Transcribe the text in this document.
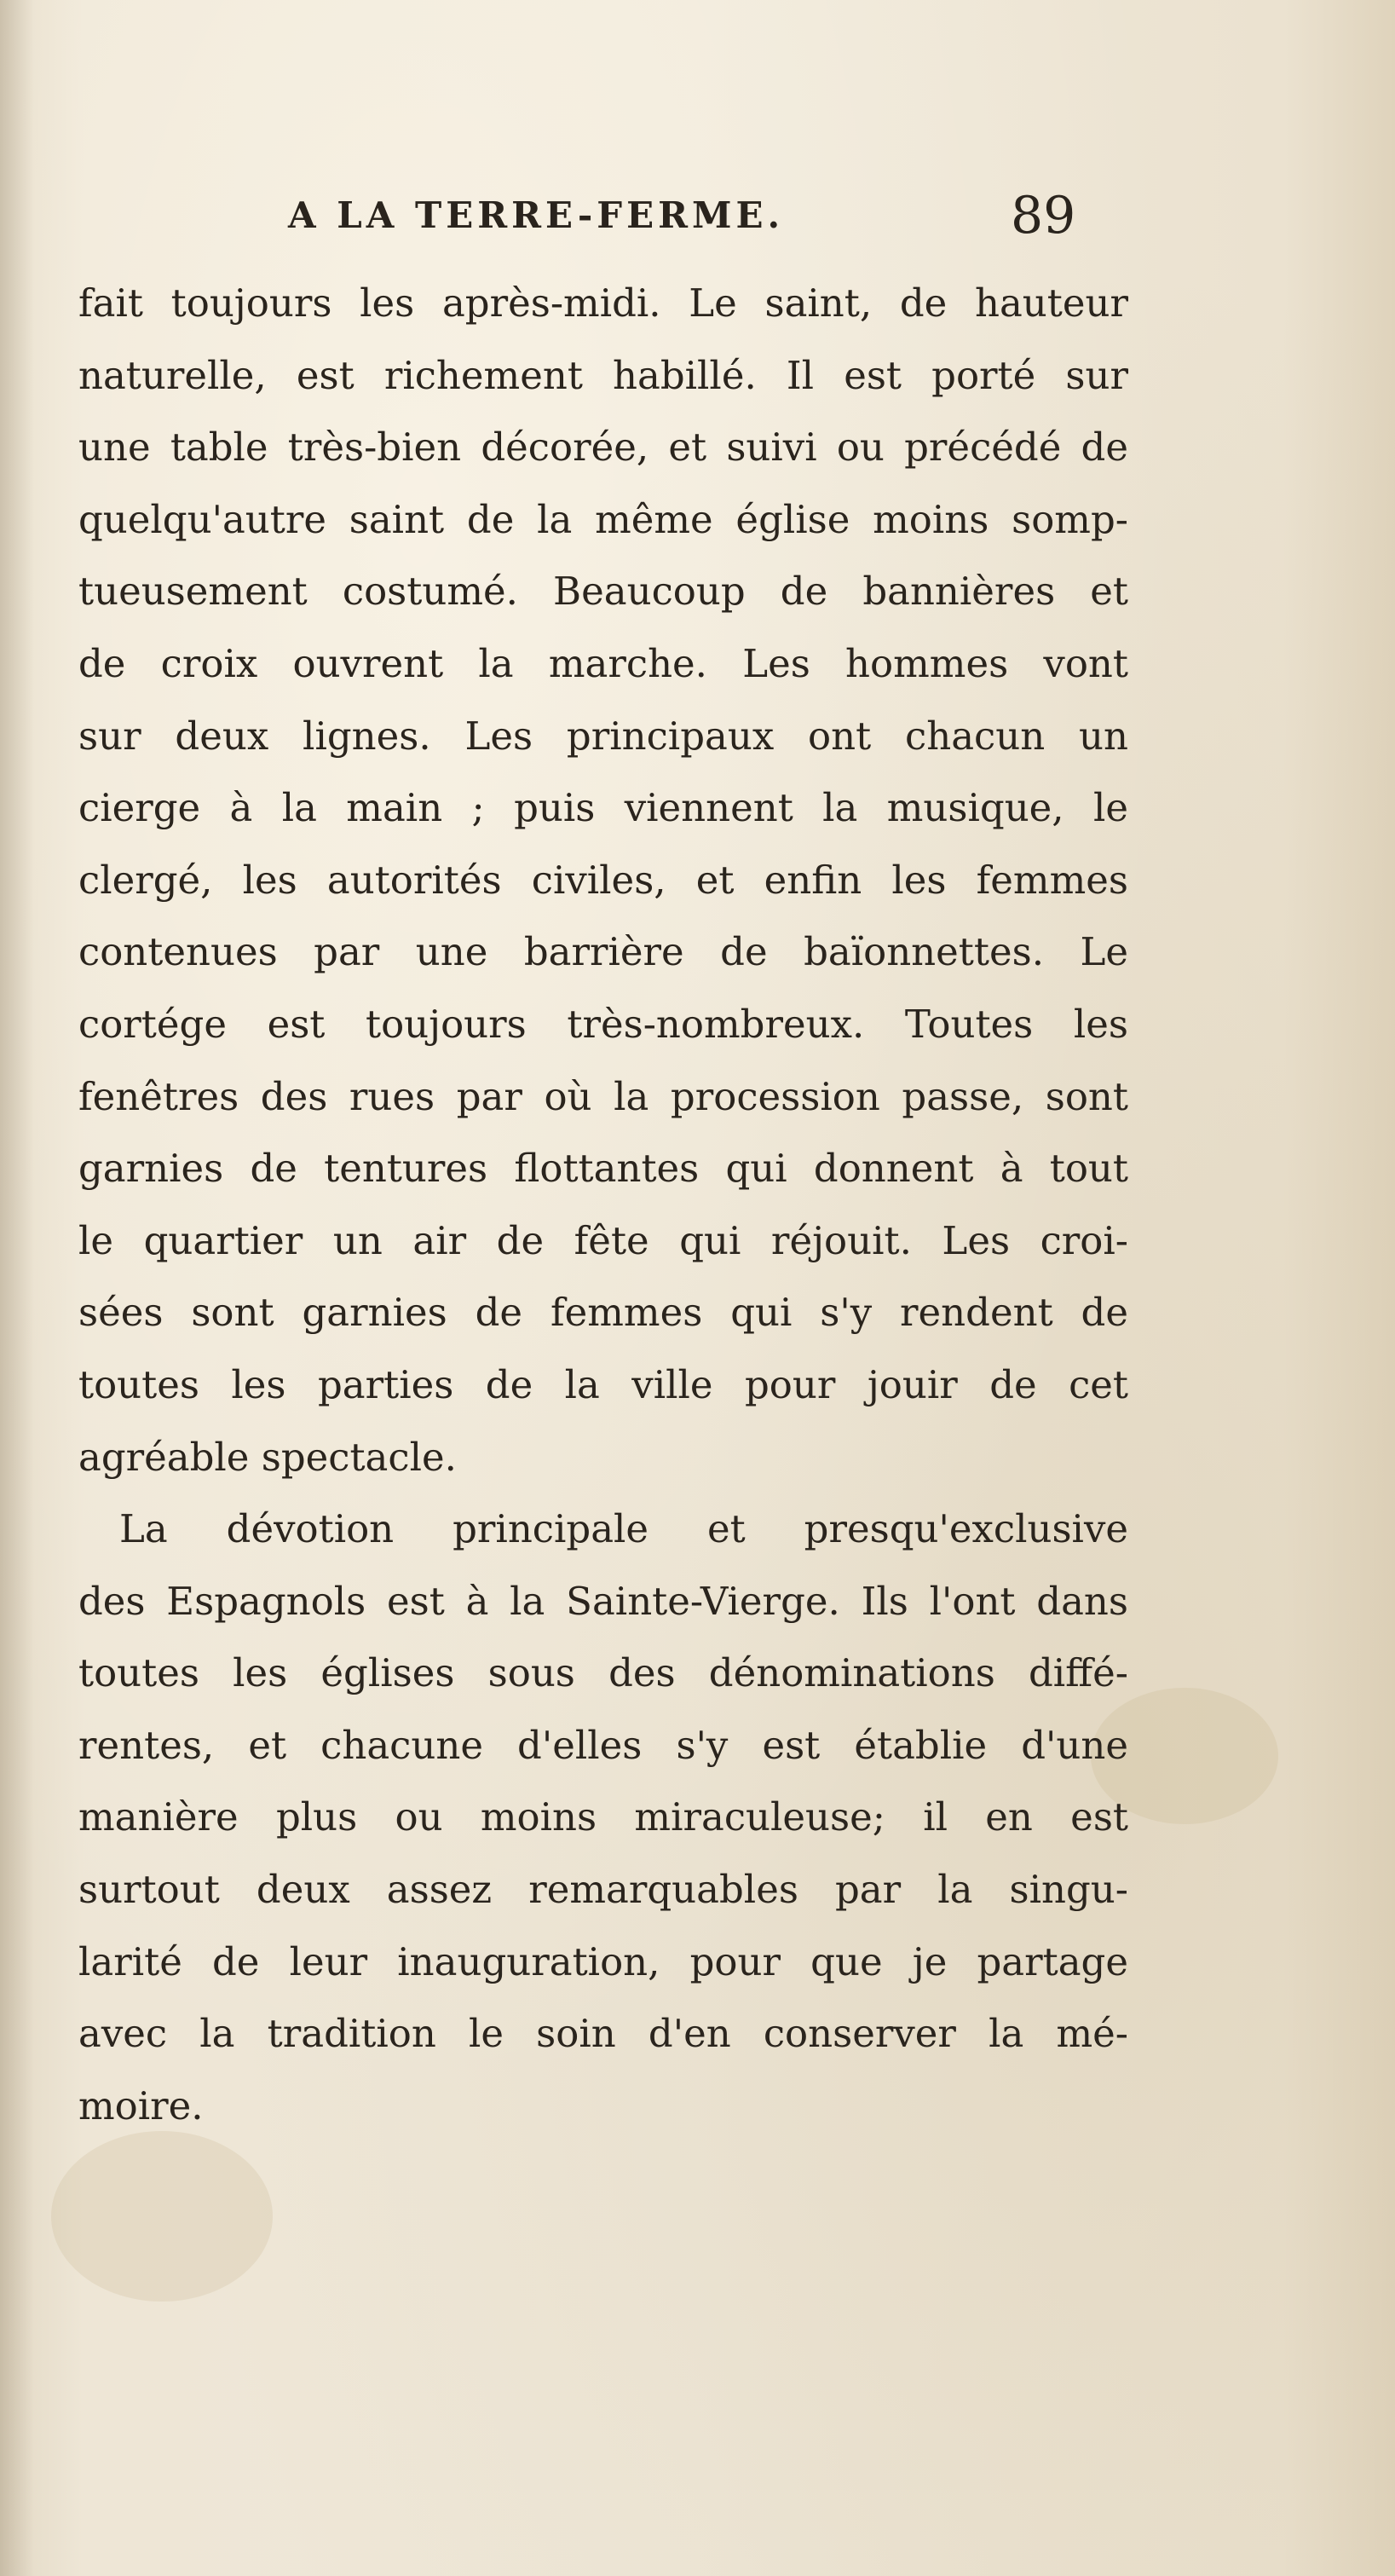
A LA TERRE-FERME.	89
fait toujours les après-midi. Le saint, de hauteur
naturelle, est richement habillé. Il est porté sur
une table très-bien décorée, et suivi ou précédé de
quelqu'autre saint de la même église moins somp-
tueusement costumé. Beaucoup de bannières et
de croix ouvrent la marche. Les hommes vont
sur deux lignes. Les principaux ont chacun un
cierge à la main ; puis viennent la musique, le
clergé, les autorités civiles, et enfin les femmes
contenues par une barrière de baïonnettes. Le
cortége est toujours très-nombreux. Toutes les
fenêtres des rues par où la procession passe, sont
garnies de tentures flottantes qui donnent à tout
le quartier un air de fête qui réjouit. Les croi-
sées sont garnies de femmes qui s'y rendent de
toutes les parties de la ville pour jouir de cet
agréable spectacle.
La dévotion principale et presqu'exclusive
des Espagnols est à la Sainte-Vierge. Ils l'ont dans
toutes les églises sous des dénominations diffé-
rentes, et chacune d'elles s'y est établie d'une
manière plus ou moins miraculeuse; il en est
surtout deux assez remarquables par la singu-
larité de leur inauguration, pour que je partage
avec la tradition le soin d'en conserver la mé-
moire.
